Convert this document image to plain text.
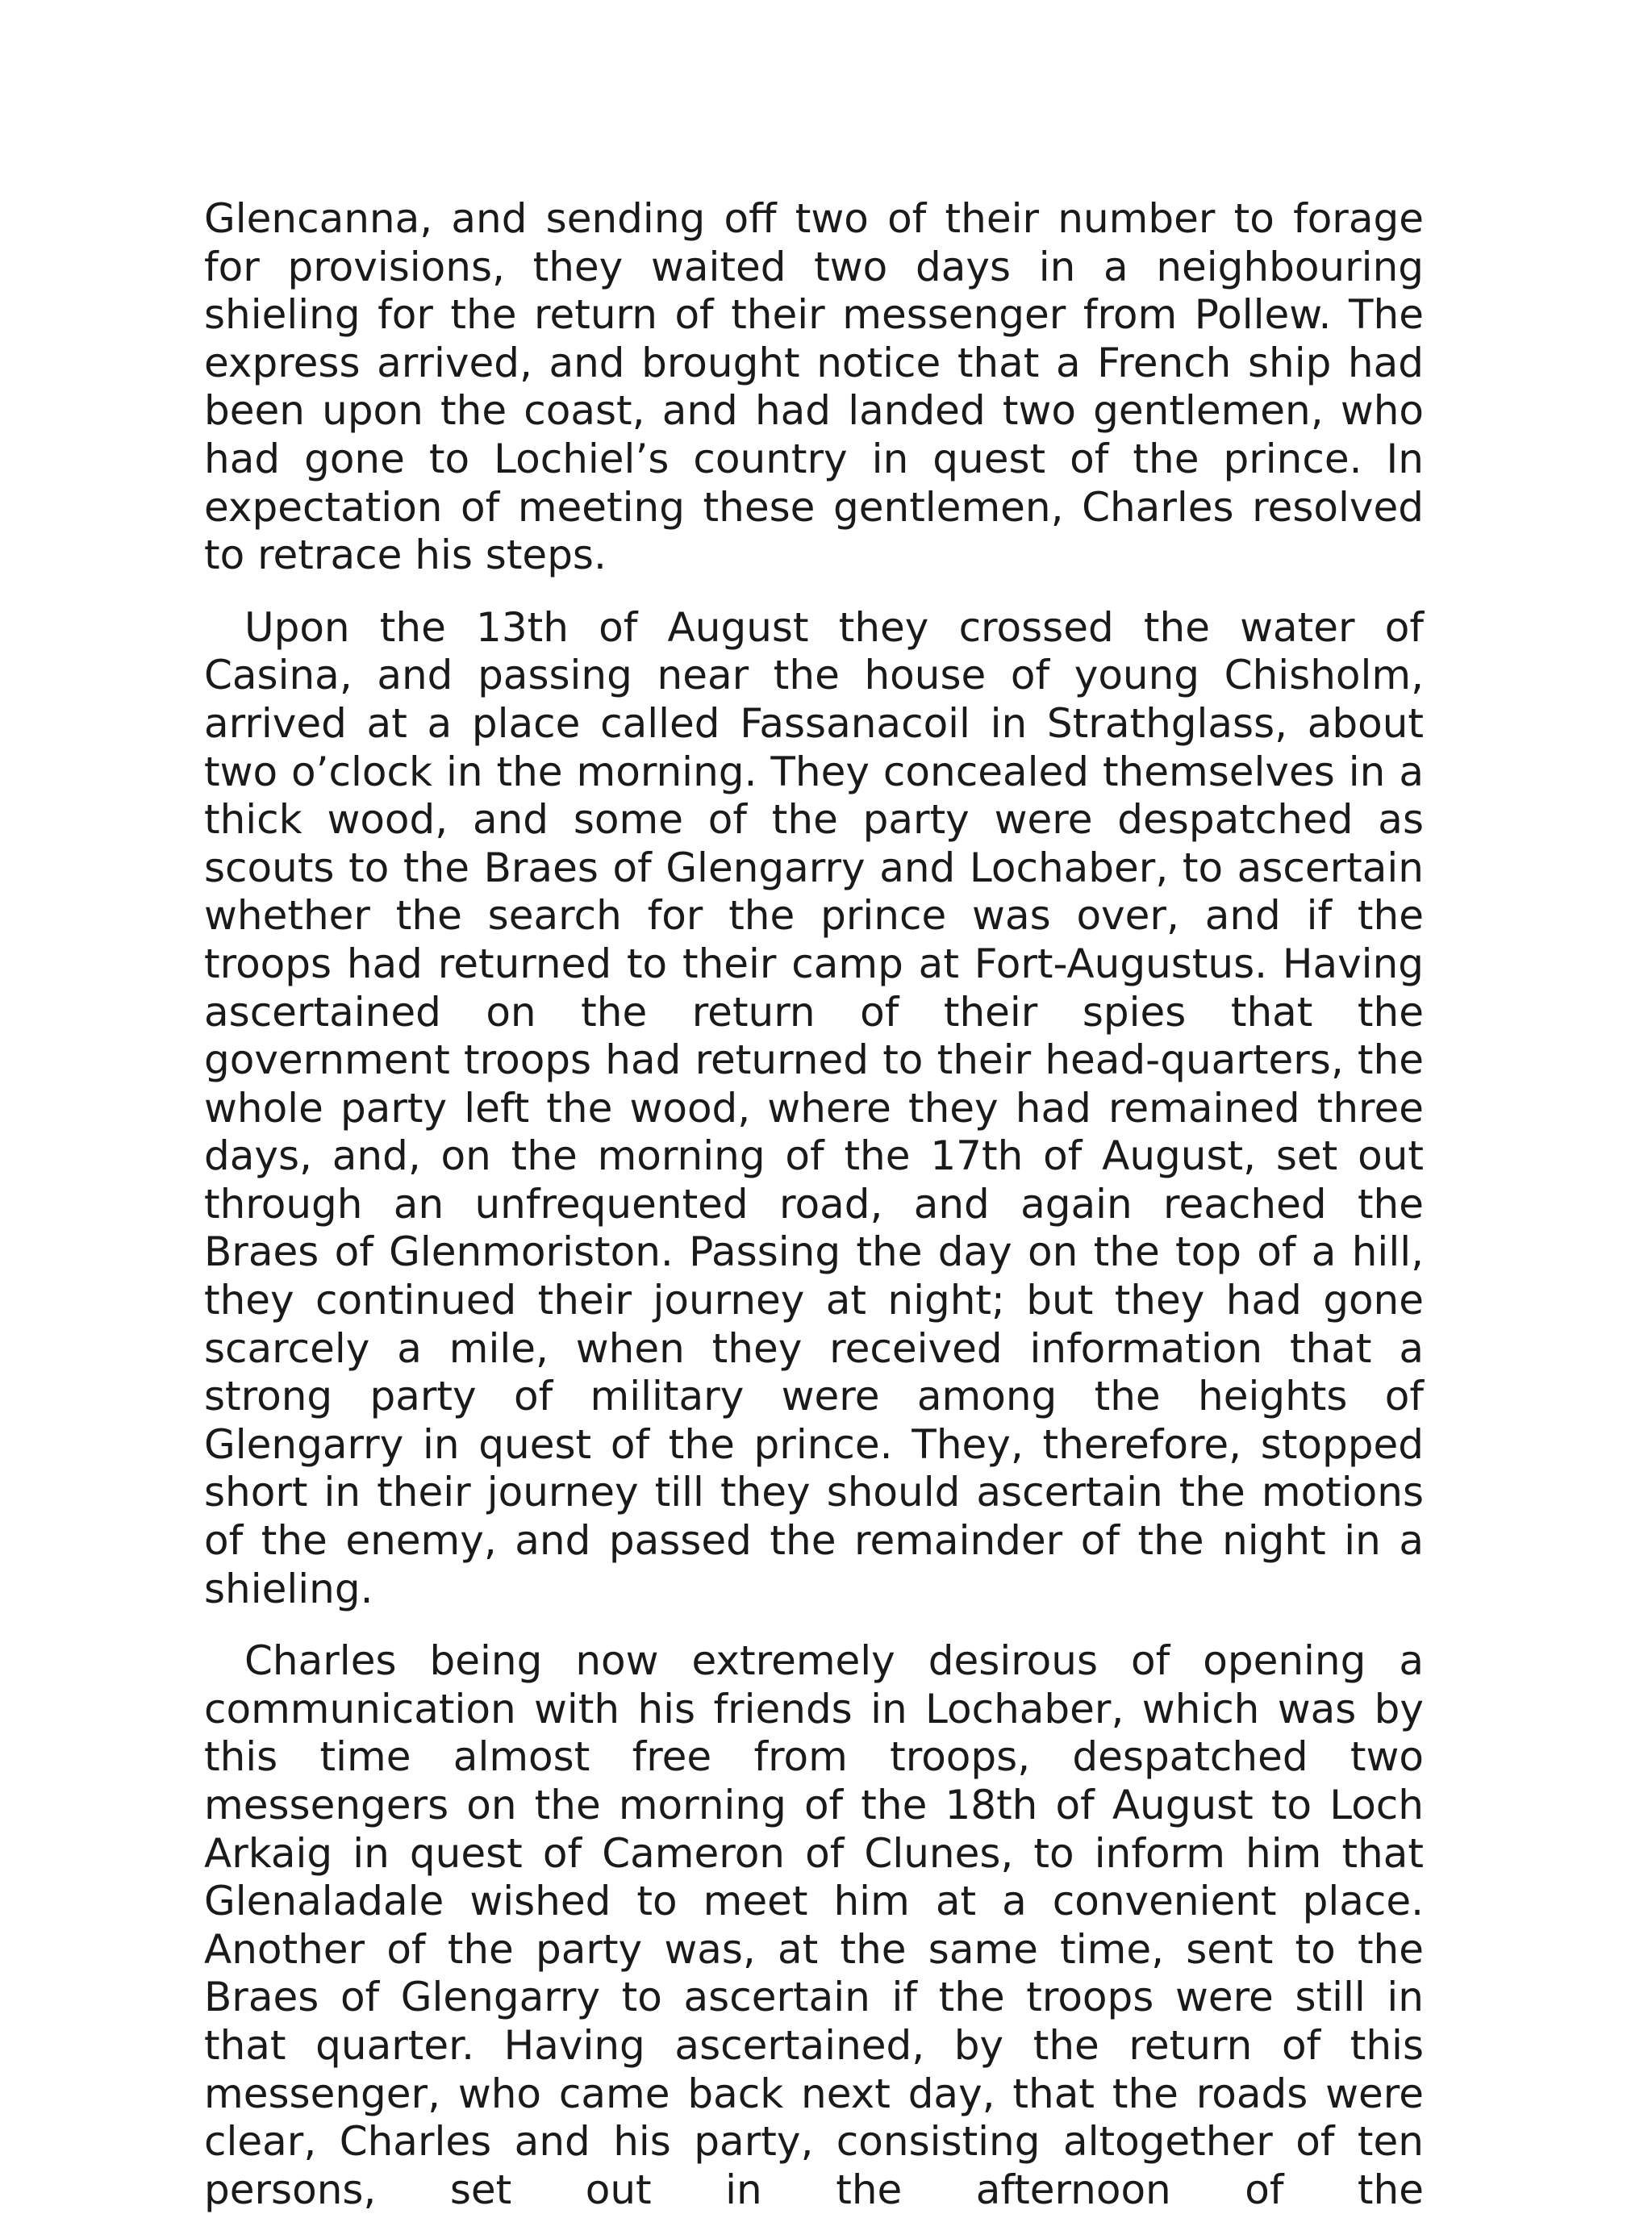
Glencanna, and sending off two of their number to forage for provisions, they waited two days in a neighbouring shieling for the return of their messenger from Pollew. The express arrived, and brought notice that a French ship had been upon the coast, and had landed two gentlemen, who had gone to Lochiel’s country in quest of the prince. In expectation of meeting these gentlemen, Charles resolved to retrace his steps.

Upon the 13th of August they crossed the water of Casina, and passing near the house of young Chisholm, arrived at a place called Fassanacoil in Strathglass, about two o’clock in the morning. They concealed themselves in a thick wood, and some of the party were despatched as scouts to the Braes of Glengarry and Lochaber, to ascertain whether the search for the prince was over, and if the troops had returned to their camp at Fort-Augustus. Having ascertained on the return of their spies that the government troops had returned to their head-quarters, the whole party left the wood, where they had remained three days, and, on the morning of the 17th of August, set out through an unfrequented road, and again reached the Braes of Glenmoriston. Passing the day on the top of a hill, they continued their journey at night; but they had gone scarcely a mile, when they received information that a strong party of military were among the heights of Glengarry in quest of the prince. They, therefore, stopped short in their journey till they should ascertain the motions of the enemy, and passed the remainder of the night in a shieling.

Charles being now extremely desirous of opening a communication with his friends in Lochaber, which was by this time almost free from troops, despatched two messengers on the morning of the 18th of August to Loch Arkaig in quest of Cameron of Clunes, to inform him that Glenaladale wished to meet him at a convenient place. Another of the party was, at the same time, sent to the Braes of Glengarry to ascertain if the troops were still in that quarter. Having ascertained, by the return of this messenger, who came back next day, that the roads were clear, Charles and his party, consisting altogether of ten persons, set out in the afternoon of the
